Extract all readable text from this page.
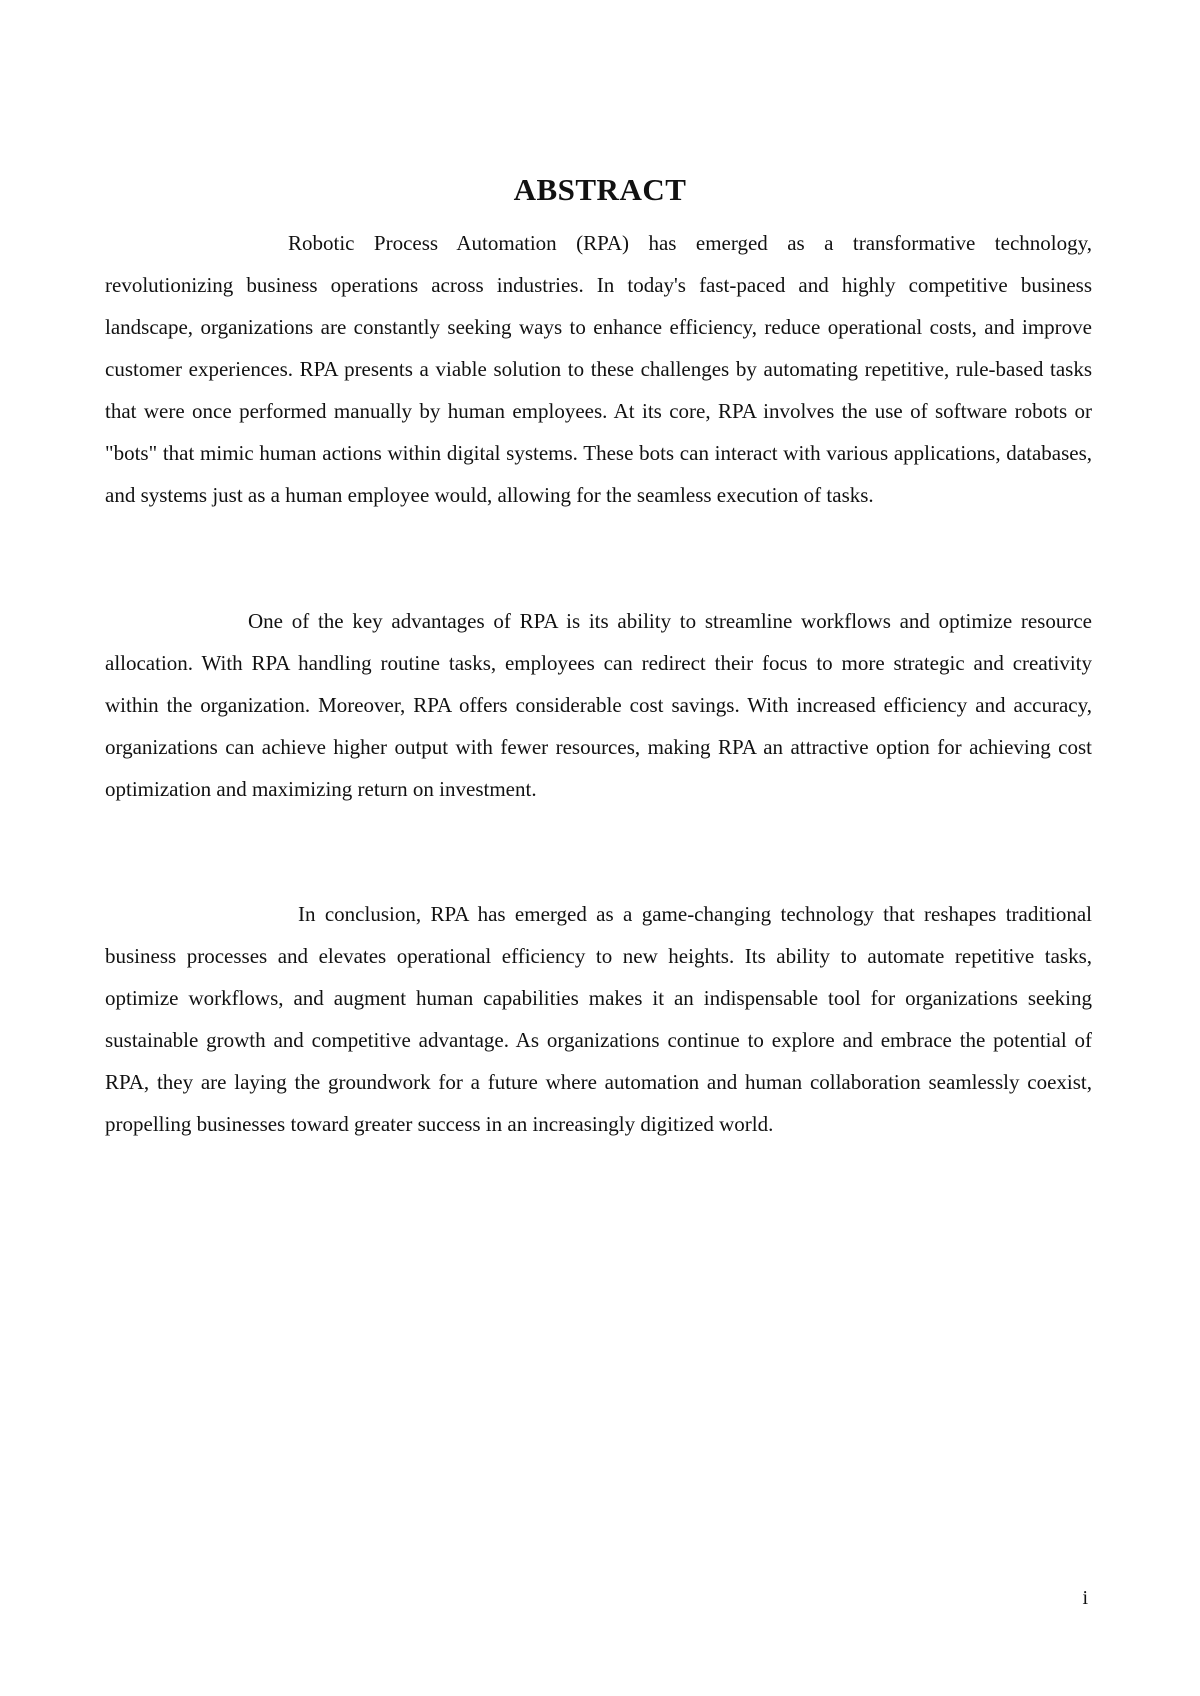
ABSTRACT

Robotic Process Automation (RPA) has emerged as a transformative technology, revolutionizing business operations across industries. In today's fast-paced and highly competitive business landscape, organizations are constantly seeking ways to enhance efficiency, reduce operational costs, and improve customer experiences. RPA presents a viable solution to these challenges by automating repetitive, rule-based tasks that were once performed manually by human employees. At its core, RPA involves the use of software robots or "bots" that mimic human actions within digital systems. These bots can interact with various applications, databases, and systems just as a human employee would, allowing for the seamless execution of tasks.

One of the key advantages of RPA is its ability to streamline workflows and optimize resource allocation. With RPA handling routine tasks, employees can redirect their focus to more strategic and creativity within the organization. Moreover, RPA offers considerable cost savings. With increased efficiency and accuracy, organizations can achieve higher output with fewer resources, making RPA an attractive option for achieving cost optimization and maximizing return on investment.

In conclusion, RPA has emerged as a game-changing technology that reshapes traditional business processes and elevates operational efficiency to new heights. Its ability to automate repetitive tasks, optimize workflows, and augment human capabilities makes it an indispensable tool for organizations seeking sustainable growth and competitive advantage. As organizations continue to explore and embrace the potential of RPA, they are laying the groundwork for a future where automation and human collaboration seamlessly coexist, propelling businesses toward greater success in an increasingly digitized world.

i
